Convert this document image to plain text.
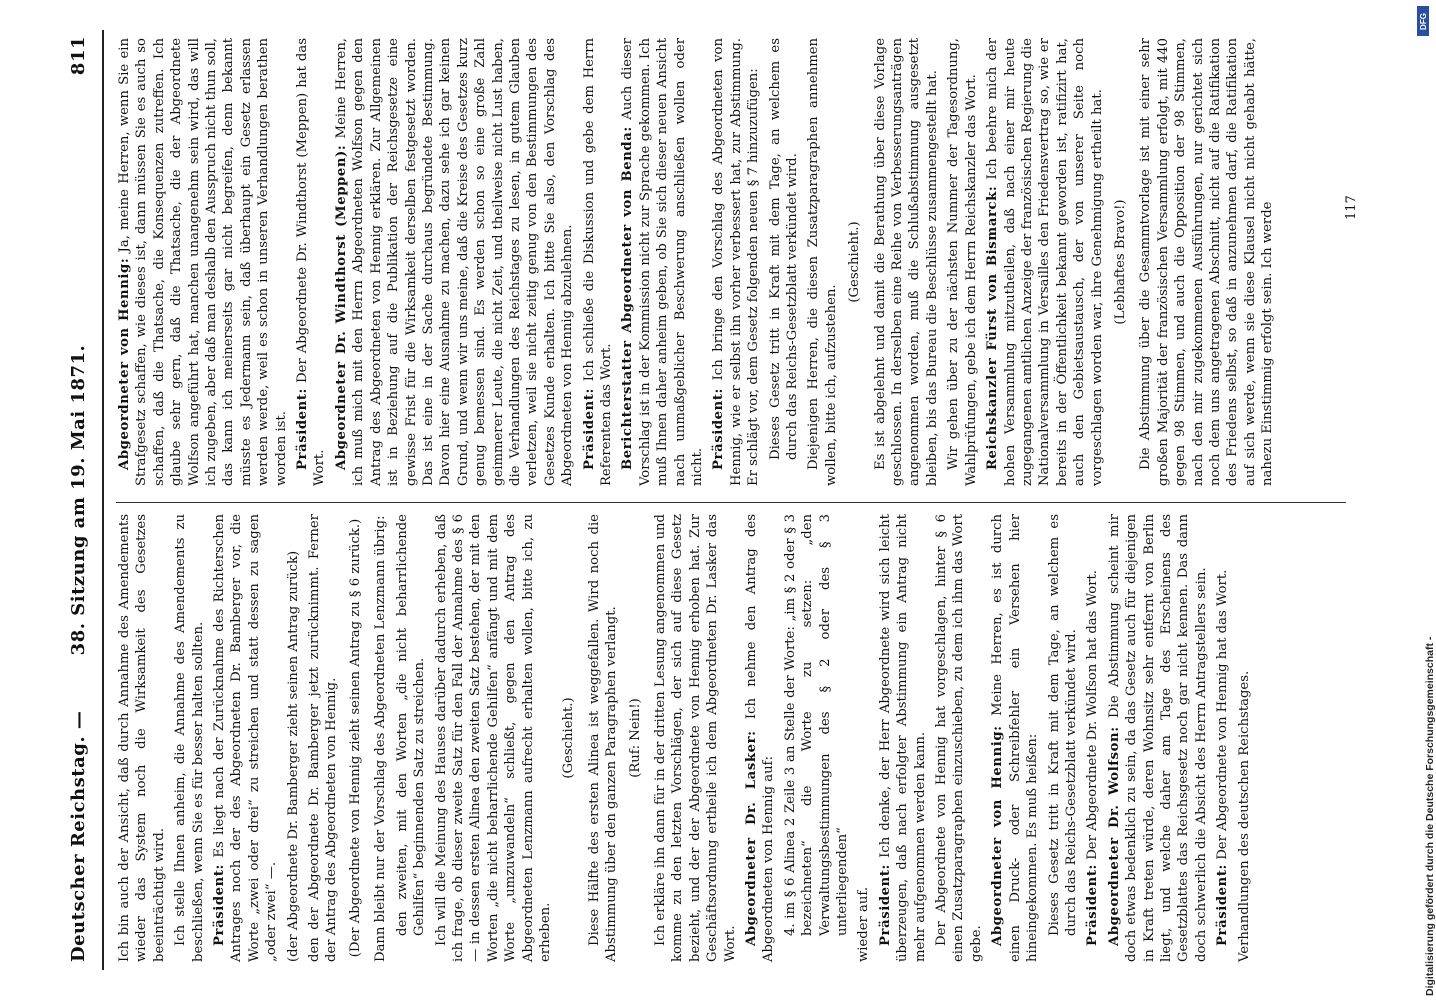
Deutscher Reichstag. —
38. Sitzung am 19. Mai 1871.
811

Ich bin auch der Ansicht, daß durch Annahme des Amendements wieder das System noch die Wirksamkeit des Gesetzes beeinträchtigt wird. Ich stelle Ihnen anheim, die Annahme des Amendements zu beschließen, wenn Sie es für besser halten sollten. Präsident: Es liegt nach der Zurücknahme des Richterschen Antrages noch der des Abgeordneten Dr. Bamberger vor, die Worte „zwei oder drei“ zu streichen und statt dessen zu sagen „oder zwei“ —. (der Abgeordnete Dr. Bamberger zieht seinen Antrag zurück) den der Abgeordnete Dr. Bamberger jetzt zurücknimmt. Ferner der Antrag des Abgeordneten von Hennig. (Der Abgeordnete von Hennig zieht seinen Antrag zu § 6 zurück.) Dann bleibt nur der Vorschlag des Abgeordneten Lenzmann übrig: den zweiten, mit den Worten „die nicht beharrlichende Gehilfen“ beginnenden Satz zu streichen. Ich will die Meinung des Hauses darüber dadurch erheben, daß ich frage, ob dieser zweite Satz für den Fall der Annahme des § 6 — in dessen ersten Alinea den zweiten Satz bestehen, der mit den Worten „die nicht beharrlichende Gehilfen“ anfängt und mit dem Worte „umzuwandeln“ schließt, gegen den Antrag des Abgeordneten Lenzmann aufrecht erhalten wollen, bitte ich, zu erheben.

(Geschieht.) Diese Hälfte des ersten Alinea ist weggefallen. Wird noch die Abstimmung über den ganzen Paragraphen verlangt. (Ruf: Nein!) Ich erkläre ihn dann für in der dritten Lesung angenommen und komme zu den letzten Vorschlägen, der sich auf diese Gesetz bezieht, und der der Abgeordnete von Hennig erhoben hat. Zur Geschäftsordnung ertheile ich dem Abgeordneten Dr. Lasker das Wort. Abgeordneter Dr. Lasker: Ich nehme den Antrag des Abgeordneten von Hennig auf: 4. im § 6 Alinea 2 Zeile 3 an Stelle der Worte: „im § 2 oder § 3 bezeichneten“ die Worte zu setzen: „den Verwaltungsbestimmungen des § 2 oder des § 3 unterliegenden“ wieder auf. Präsident: Ich denke, der Herr Abgeordnete wird sich leicht überzeugen, daß nach erfolgter Abstimmung ein Antrag nicht mehr aufgenommen werden kann. Der Abgeordnete von Hennig hat vorgeschlagen, hinter § 6 einen Zusatzparagraphen einzuschieben, zu dem ich ihm das Wort gebe. Abgeordneter von Hennig: Meine Herren, es ist durch einen Druck- oder Schreibfehler ein Versehen hier hineingekommen. Es muß heißen: Dieses Gesetz tritt in Kraft mit dem Tage, an welchem es durch das Reichs-Gesetzblatt verkündet wird. Präsident: Der Abgeordnete Dr. Wolfson hat das Wort. Abgeordneter Dr. Wolfson: Die Abstimmung scheint mir doch etwas bedenklich zu sein, da das Gesetz auch für diejenigen in Kraft treten würde, deren Wohnsitz sehr entfernt von Berlin liegt, und welche daher am Tage des Erscheinens des Gesetzblattes das Reichsgesetz noch gar nicht kennen. Das dann doch schwerlich die Absicht des Herrn Antragstellers sein. Präsident: Der Abgeordnete von Hennig hat das Wort. Verhandlungen des deutschen Reichstages.

Abgeordneter von Hennig: Ja, meine Herren, wenn Sie ein Strafgesetz schaffen, wie dieses ist, dann müssen Sie es auch so schaffen, daß die Thatsache, die Konsequenzen zutreffen. Ich glaube sehr gern, daß die Thatsache, die der Abgeordnete Wolfson angeführt hat, manchen unangenehm sein wird, das will ich zugeben, aber daß man deshalb den Ausspruch nicht thun soll, das kann ich meinerseits gar nicht begreifen, denn bekannt müsste es Jedermann sein, daß überhaupt ein Gesetz erlassen werden werde, weil es schon in unseren Verhandlungen berathen worden ist. Präsident: Der Abgeordnete Dr. Windthorst (Meppen) hat das Wort. Abgeordneter Dr. Windthorst (Meppen): Meine Herren, ich muß mich mit den Herrn Abgeordneten Wolfson gegen den Antrag des Abgeordneten von Hennig erklären. Zur Allgemeinen ist in Beziehung auf die Publikation der Reichsgesetze eine gewisse Frist für die Wirksamkeit derselben festgesetzt worden. Das ist eine in der Sache durchaus begründete Bestimmung. Davon hier eine Ausnahme zu machen, dazu sehe ich gar keinen Grund, und wenn wir uns meine, daß die Kreise des Gesetzes kurz genug bemessen sind. Es werden schon so eine große Zahl geimmerer Leute, die nicht Zeit, und theilweise nicht Lust haben, die Verhandlungen des Reichstages zu lesen, in gutem Glauben verletzen, weil sie nicht zeitig genug von den Bestimmungen des Gesetzes Kunde erhalten. Ich bitte Sie also, den Vorschlag des Abgeordneten von Hennig abzulehnen. Präsident: Ich schließe die Diskussion und gebe dem Herrn Referenten das Wort. Berichterstatter Abgeordneter von Benda: Auch dieser Vorschlag ist in der Kommission nicht zur Sprache gekommen. Ich muß Ihnen daher anheim geben, ob Sie sich dieser neuen Ansicht nach unmaßgeblicher Beschwerung anschließen wollen oder nicht. Präsident: Ich bringe den Vorschlag des Abgeordneten von Hennig, wie er selbst ihn vorher verbessert hat, zur Abstimmung. Er schlägt vor, dem Gesetz folgenden neuen § 7 hinzuzufügen: Dieses Gesetz tritt in Kraft mit dem Tage, an welchem es durch das Reichs-Gesetzblatt verkündet wird. Diejenigen Herren, die diesen Zusatzparagraphen annehmen wollen, bitte ich, aufzustehen.

(Geschieht.) Es ist abgelehnt und damit die Berathung über diese Vorlage geschlossen. In derselben eine Reihe von Verbesserungsanträgen angenommen worden, muß die Schlußabstimmung ausgesetzt bleiben, bis das Bureau die Beschlüsse zusammengestellt hat. Wir gehen über zu der nächsten Nummer der Tagesordnung, Wahlprüfungen, gebe ich dem Herrn Reichskanzler das Wort. Reichskanzler Fürst von Bismarck: Ich beehre mich der hohen Versammlung mitzutheilen, daß nach einer mir heute zugegangenen amtlichen Anzeige der französischen Regierung die Nationalversammlung in Versailles den Friedensvertrag so, wie er bereits in der Öffentlichkeit bekannt geworden ist, ratifizirt hat, auch den Gebietsaustausch, der von unserer Seite noch vorgeschlagen worden war, ihre Genehmigung ertheilt hat. (Lebhaftes Bravo!) Die Abstimmung über die Gesammtvorlage ist mit einer sehr großen Majorität der französischen Versammlung erfolgt, mit 440 gegen 98 Stimmen, und auch die Opposition der 98 Stimmen, nach den mir zugekommenen Ausführungen, nur gerichtet sich noch dem uns angetragenen Abschnitt, nicht auf die Ratifikation des Friedens selbst, so daß in anzunehmen darf, die Ratifikation auf sich werde, wenn sie diese Klausel nicht nicht gehabt hätte, nahezu Einstimmig erfolgt sein. Ich werde	117
Digitalisierung gefördert durch die Deutsche Forschungsgemeinschaft -
DFG
